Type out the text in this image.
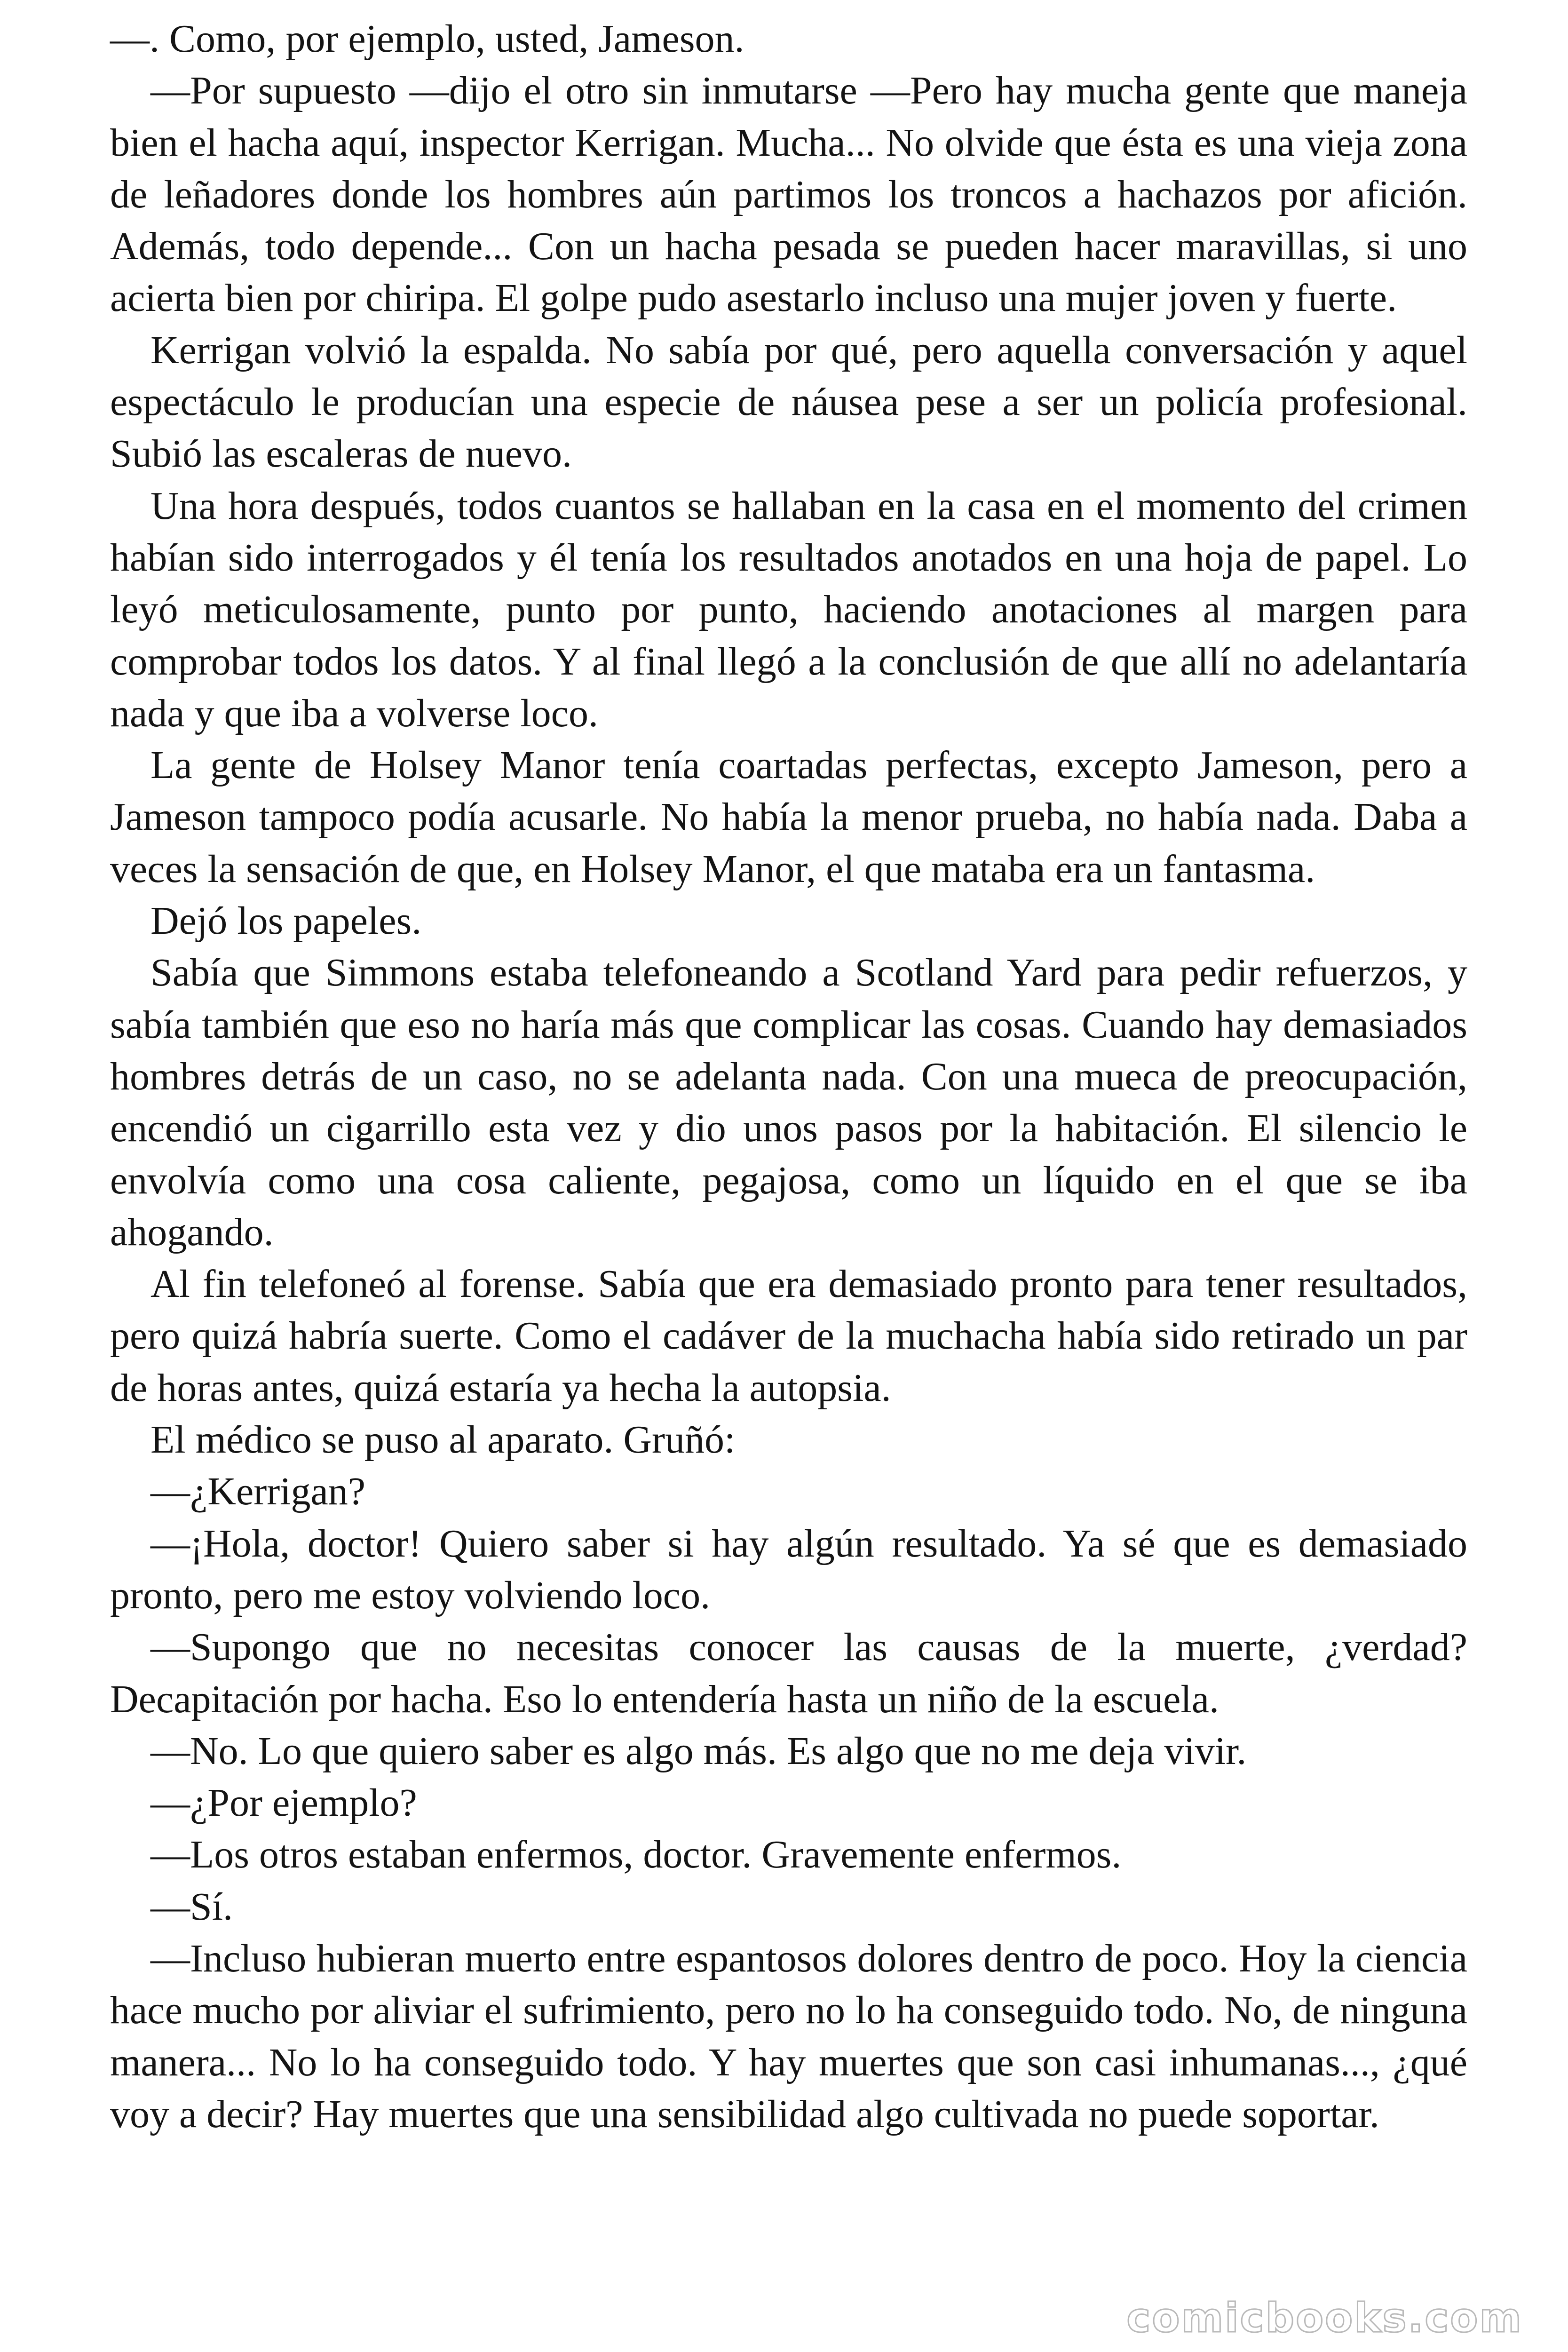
—. Como, por ejemplo, usted, Jameson.

—Por supuesto —dijo el otro sin inmutarse —Pero hay mucha gente que maneja bien el hacha aquí, inspector Kerrigan. Mucha... No olvide que ésta es una vieja zona de leñadores donde los hombres aún partimos los troncos a hachazos por afición. Además, todo depende... Con un hacha pesada se pueden hacer maravillas, si uno acierta bien por chiripa. El golpe pudo asestarlo incluso una mujer joven y fuerte.

Kerrigan volvió la espalda. No sabía por qué, pero aquella conversación y aquel espectáculo le producían una especie de náusea pese a ser un policía profesional. Subió las escaleras de nuevo.

Una hora después, todos cuantos se hallaban en la casa en el momento del crimen habían sido interrogados y él tenía los resultados anotados en una hoja de papel. Lo leyó meticulosamente, punto por punto, haciendo anotaciones al margen para comprobar todos los datos. Y al final llegó a la conclusión de que allí no adelantaría nada y que iba a volverse loco.

La gente de Holsey Manor tenía coartadas perfectas, excepto Jameson, pero a Jameson tampoco podía acusarle. No había la menor prueba, no había nada. Daba a veces la sensación de que, en Holsey Manor, el que mataba era un fantasma.

Dejó los papeles.

Sabía que Simmons estaba telefoneando a Scotland Yard para pedir refuerzos, y sabía también que eso no haría más que complicar las cosas. Cuando hay demasiados hombres detrás de un caso, no se adelanta nada. Con una mueca de preocupación, encendió un cigarrillo esta vez y dio unos pasos por la habitación. El silencio le envolvía como una cosa caliente, pegajosa, como un líquido en el que se iba ahogando.

Al fin telefoneó al forense. Sabía que era demasiado pronto para tener resultados, pero quizá habría suerte. Como el cadáver de la muchacha había sido retirado un par de horas antes, quizá estaría ya hecha la autopsia.

El médico se puso al aparato. Gruñó:

—¿Kerrigan?

—¡Hola, doctor! Quiero saber si hay algún resultado. Ya sé que es demasiado pronto, pero me estoy volviendo loco.

—Supongo que no necesitas conocer las causas de la muerte, ¿verdad? Decapitación por hacha. Eso lo entendería hasta un niño de la escuela.

—No. Lo que quiero saber es algo más. Es algo que no me deja vivir.

—¿Por ejemplo?

—Los otros estaban enfermos, doctor. Gravemente enfermos.

—Sí.

—Incluso hubieran muerto entre espantosos dolores dentro de poco. Hoy la ciencia hace mucho por aliviar el sufrimiento, pero no lo ha conseguido todo. No, de ninguna manera... No lo ha conseguido todo. Y hay muertes que son casi inhumanas..., ¿qué voy a decir? Hay muertes que una sensibilidad algo cultivada no puede soportar.

comicbooks.com
